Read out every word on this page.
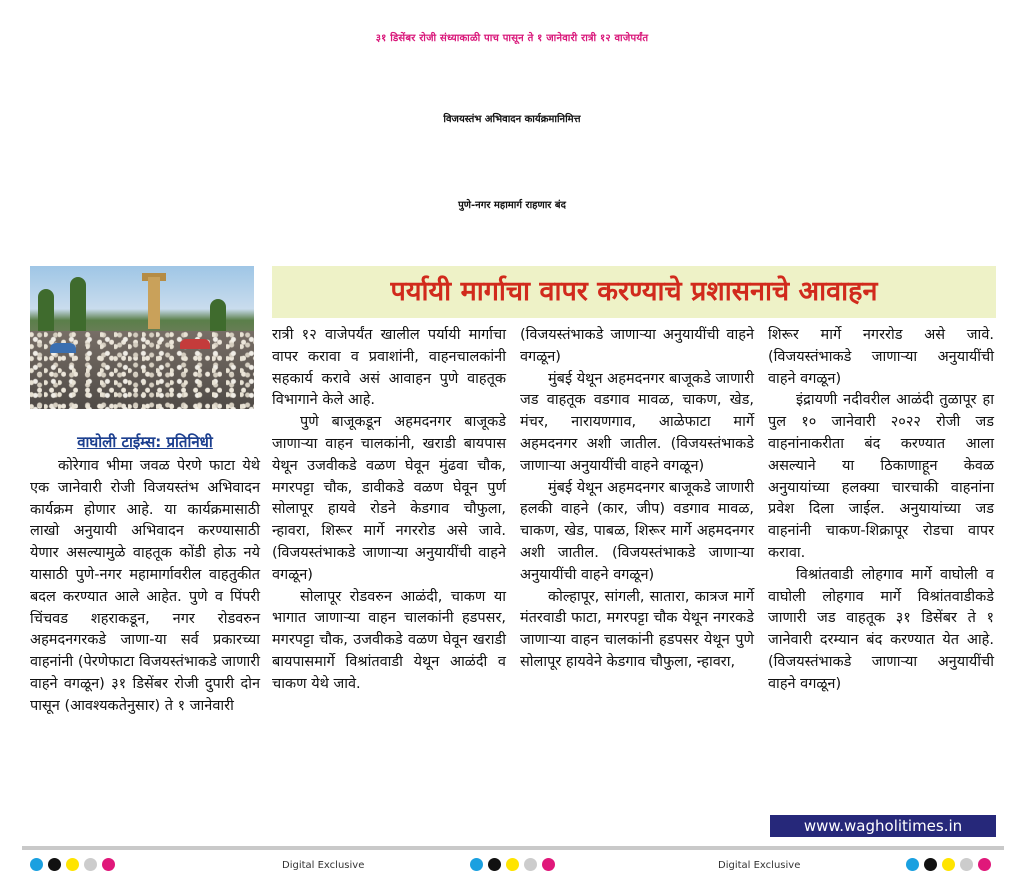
३१ डिसेंबर रोजी संध्याकाळी पाच पासून ते १ जानेवारी रात्री १२ वाजेपर्यंत
विजयस्तंभ अभिवादन कार्यक्रमानिमित्त
पुणे-नगर महामार्ग राहणार बंद
वाघोली टाईम्स: प्रतिनिधी
पर्यायी मार्गाचा वापर करण्याचे प्रशासनाचे आवाहन

कोरेगाव भीमा जवळ पेरणे फाटा येथे एक जानेवारी रोजी विजयस्तंभ अभिवादन कार्यक्रम होणार आहे. या कार्यक्रमासाठी लाखो अनुयायी अभिवादन करण्यासाठी येणार असल्यामुळे वाहतूक कोंडी होऊ नये यासाठी पुणे-नगर महामार्गावरील वाहतुकीत बदल करण्यात आले आहेत. पुणे व पिंपरी चिंचवड शहराकडून, नगर रोडवरुन अहमदनगरकडे जाणा-या सर्व प्रकारच्या वाहनांनी (पेरणेफाटा विजयस्तंभाकडे जाणारी वाहने वगळून) ३१ डिसेंबर रोजी दुपारी दोन पासून (आवश्यकतेनुसार) ते १ जानेवारी

रात्री १२ वाजेपर्यंत खालील पर्यायी मार्गाचा वापर करावा व प्रवाशांनी, वाहनचालकांनी सहकार्य करावे असं आवाहन पुणे वाहतूक विभागाने केले आहे.

पुणे बाजूकडून अहमदनगर बाजूकडे जाणाऱ्या वाहन चालकांनी, खराडी बायपास येथून उजवीकडे वळण घेवून मुंढवा चौक, मगरपट्टा चौक, डावीकडे वळण घेवून पुर्ण सोलापूर हायवे रोडने केडगाव चौफुला, न्हावरा, शिरूर मार्गे नगररोड असे जावे. (विजयस्तंभाकडे जाणाऱ्या अनुयायींची वाहने वगळून)

सोलापूर रोडवरुन आळंदी, चाकण या भागात जाणाऱ्या वाहन चालकांनी हडपसर, मगरपट्टा चौक, उजवीकडे वळण घेवून खराडी बायपासमार्गे विश्रांतवाडी येथून आळंदी व चाकण येथे जावे.

(विजयस्तंभाकडे जाणाऱ्या अनुयायींची वाहने वगळून)

मुंबई येथून अहमदनगर बाजूकडे जाणारी जड वाहतूक वडगाव मावळ, चाकण, खेड, मंचर, नारायणगाव, आळेफाटा मार्गे अहमदनगर अशी जातील. (विजयस्तंभाकडे जाणाऱ्या अनुयायींची वाहने वगळून)

मुंबई येथून अहमदनगर बाजूकडे जाणारी हलकी वाहने (कार, जीप) वडगाव मावळ, चाकण, खेड, पाबळ, शिरूर मार्गे अहमदनगर अशी जातील. (विजयस्तंभाकडे जाणाऱ्या अनुयायींची वाहने वगळून)

कोल्हापूर, सांगली, सातारा, कात्रज मार्गे मंतरवाडी फाटा, मगरपट्टा चौक येथून नगरकडे जाणाऱ्या वाहन चालकांनी हडपसर येथून पुणे सोलापूर हायवेने केडगाव चौफुला, न्हावरा,

शिरूर मार्गे नगररोड असे जावे. (विजयस्तंभाकडे जाणाऱ्या अनुयायींची वाहने वगळून)

इंद्रायणी नदीवरील आळंदी तुळापूर हा पुल १० जानेवारी २०२२ रोजी जड वाहनांनाकरीता बंद करण्यात आला असल्याने या ठिकाणाहून केवळ अनुयायांच्या हलक्या चारचाकी वाहनांना प्रवेश दिला जाईल. अनुयायांच्या जड वाहनांनी चाकण-शिक्रापूर रोडचा वापर करावा.

विश्रांतवाडी लोहगाव मार्गे वाघोली व वाघोली लोहगाव मार्गे विश्रांतवाडीकडे जाणारी जड वाहतूक ३१ डिसेंबर ते १ जानेवारी दरम्यान बंद करण्यात येत आहे. (विजयस्तंभाकडे जाणाऱ्या अनुयायींची वाहने वगळून)

www.wagholitimes.in
Digital Exclusive	Digital Exclusive
